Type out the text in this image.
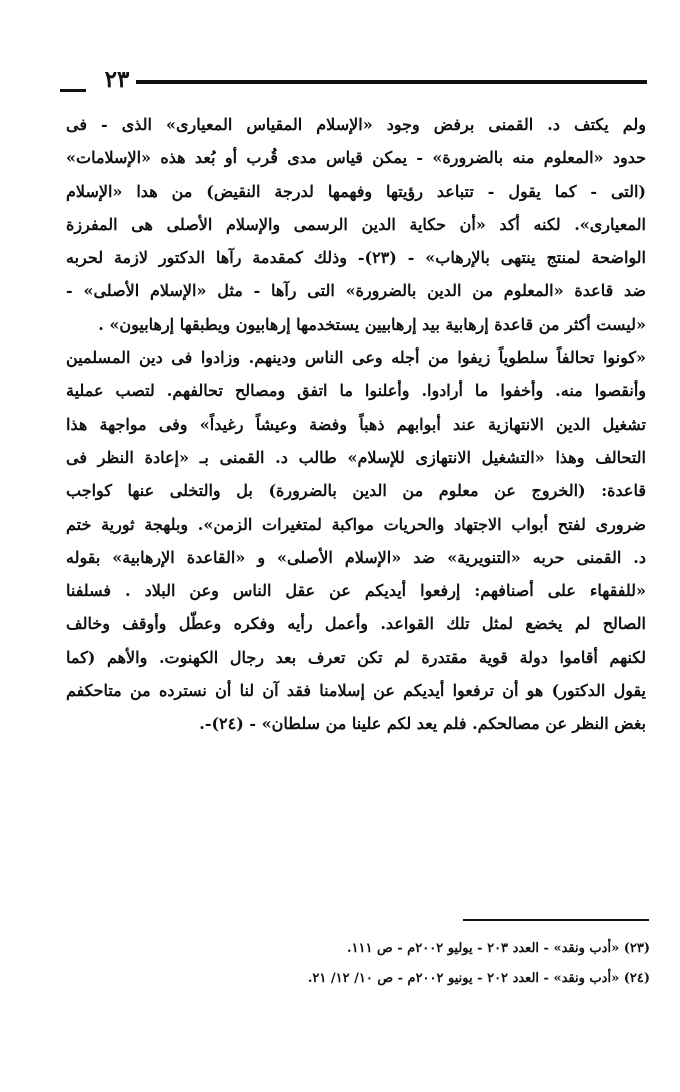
٢٣
ولم يكتف د. القمنى برفض وجود «الإسلام المقياس المعيارى» الذى - فى
حدود «المعلوم منه بالضرورة» - يمكن قياس مدى قُرب أو بُعد هذه «الإسلامات»
(التى - كما يقول - تتباعد رؤيتها وفهمها لدرجة النقيض) من هدا «الإسلام
المعيارى». لكنه أكد «أن حكاية الدين الرسمى والإسلام الأصلى هى المفرزة
الواضحة لمنتج ينتهى بالإرهاب» - (٢٣)- وذلك كمقدمة رآها الدكتور لازمة لحربه
ضد قاعدة «المعلوم من الدين بالضرورة» التى رآها - مثل «الإسلام الأصلى» -
«ليست أكثر من قاعدة إرهابية بيد إرهابيين يستخدمها إرهابيون ويطبقها إرهابيون» .
«كونوا تحالفاً سلطوياً زيفوا من أجله وعى الناس ودينهم. وزادوا فى دين المسلمين
وأنقصوا منه. وأخفوا ما أرادوا. وأعلنوا ما اتفق ومصالح تحالفهم. لتصب عملية
تشغيل الدين الانتهازية عند أبوابهم ذهباً وفضة وعيشاً رغيداً» وفى مواجهة هذا
التحالف وهذا «التشغيل الانتهازى للإسلام» طالب د. القمنى بـ «إعادة النظر فى
قاعدة: (الخروج عن معلوم من الدين بالضرورة) بل والتخلى عنها كواجب
ضرورى لفتح أبواب الاجتهاد والحريات مواكبة لمتغيرات الزمن». وبلهجة ثورية ختم
د. القمنى حربه «التنويرية» ضد «الإسلام الأصلى» و «القاعدة الإرهابية» بقوله
«للفقهاء على أصنافهم: إرفعوا أيديكم عن عقل الناس وعن البلاد . فسلفنا
الصالح لم يخضع لمثل تلك القواعد. وأعمل رأيه وفكره وعطّل وأوقف وخالف
لكنهم أقاموا دولة قوية مقتدرة لم تكن تعرف بعد رجال الكهنوت. والأهم (كما
يقول الدكتور) هو أن ترفعوا أيديكم عن إسلامنا فقد آن لنا أن نسترده من متاحكفم
بغض النظر عن مصالحكم. فلم يعد لكم علينا من سلطان» - (٢٤)-.
(٢٣) «أدب ونقد» - العدد ٢٠٣ - يوليو ٢٠٠٢م - ص ١١١.
(٢٤) «أدب ونقد» - العدد ٢٠٢ - يونيو ٢٠٠٢م - ص ١٠/ ١٢/ ٢١.
